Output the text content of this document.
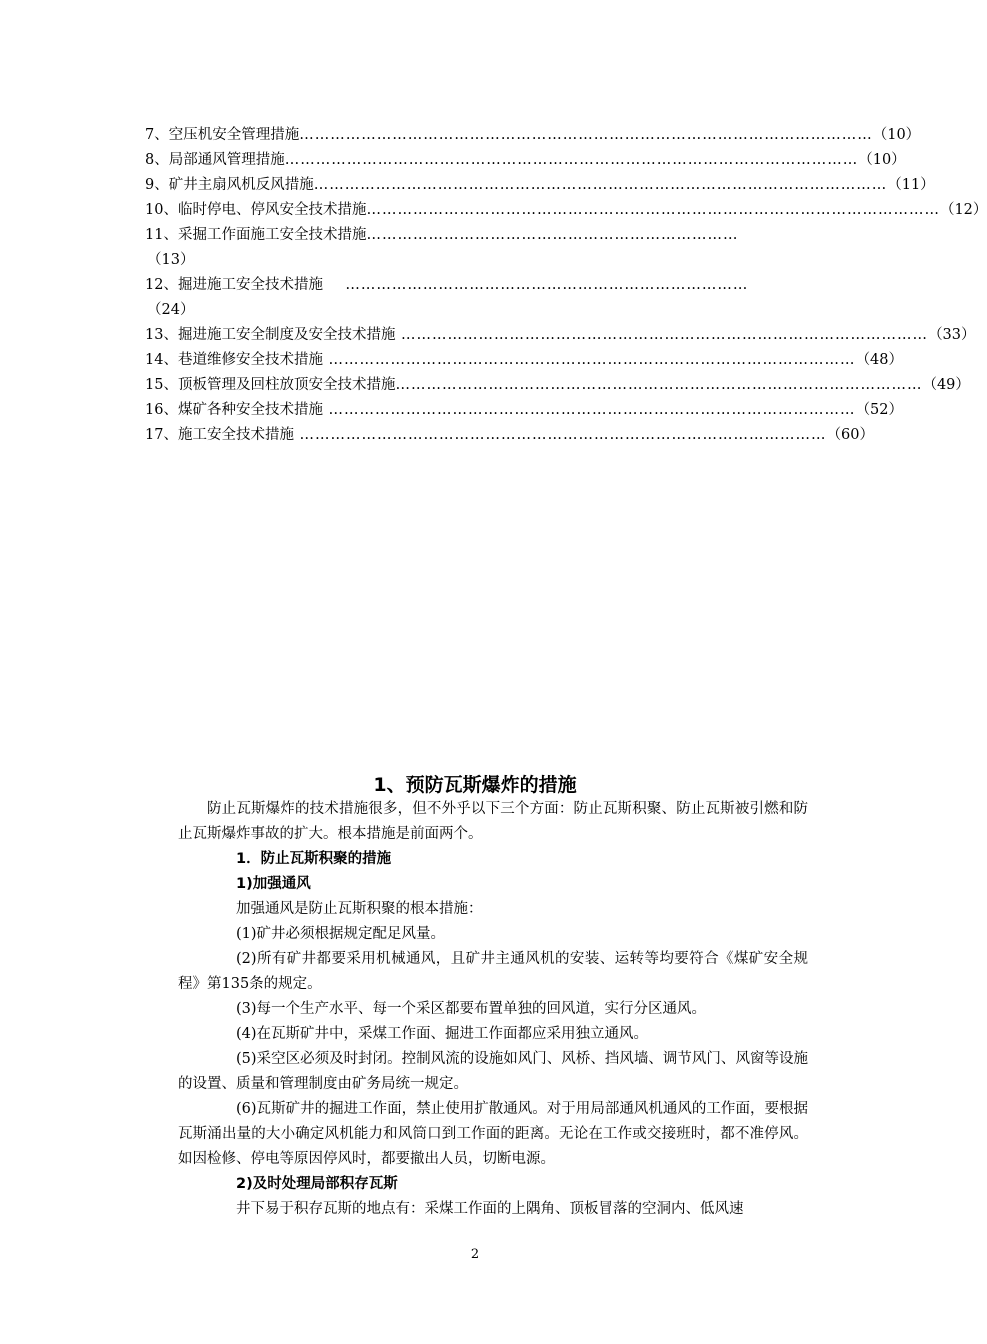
7、空压机安全管理措施 ………………………………………………………………………………………………… （10）
8、局部通风管理措施 ………………………………………………………………………………………………… （10）
9、矿井主扇风机反风措施 ………………………………………………………………………………………………… （11）
10、临时停电、停风安全技术措施 ………………………………………………………………………………………………… （12）
11、采掘工作面施工安全技术措施 ………………………………………………………………
（13）
12、掘进施工安全技术措施 ……………………………………………………………………
（24）
13、掘进施工安全制度及安全技术措施 ………………………………………………………………………………………… （33）
14、巷道维修安全技术措施 ………………………………………………………………………………………… （48）
15、顶板管理及回柱放顶安全技术措施 ………………………………………………………………………………………… （49）
16、煤矿各种安全技术措施 ………………………………………………………………………………………… （52）
17、施工安全技术措施 ………………………………………………………………………………………… （60）
1、预防瓦斯爆炸的措施

防止瓦斯爆炸的技术措施很多，但不外乎以下三个方面：防止瓦斯积聚、防止瓦斯被引燃和防止瓦斯爆炸事故的扩大。根本措施是前面两个。

1．防止瓦斯积聚的措施

1)加强通风

加强通风是防止瓦斯积聚的根本措施：

(1)矿井必须根据规定配足风量。

(2)所有矿井都要采用机械通风，且矿井主通风机的安装、运转等均要符合《煤矿安全规程》第135条的规定。

(3)每一个生产水平、每一个采区都要布置单独的回风道，实行分区通风。

(4)在瓦斯矿井中，采煤工作面、掘进工作面都应采用独立通风。

(5)采空区必须及时封闭。控制风流的设施如风门、风桥、挡风墙、调节风门、风窗等设施的设置、质量和管理制度由矿务局统一规定。

(6)瓦斯矿井的掘进工作面，禁止使用扩散通风。对于用局部通风机通风的工作面，要根据瓦斯涌出量的大小确定风机能力和风筒口到工作面的距离。无论在工作或交接班时，都不准停风。如因检修、停电等原因停风时，都要撤出人员，切断电源。

2)及时处理局部积存瓦斯

井下易于积存瓦斯的地点有：采煤工作面的上隅角、顶板冒落的空洞内、低风速

2
